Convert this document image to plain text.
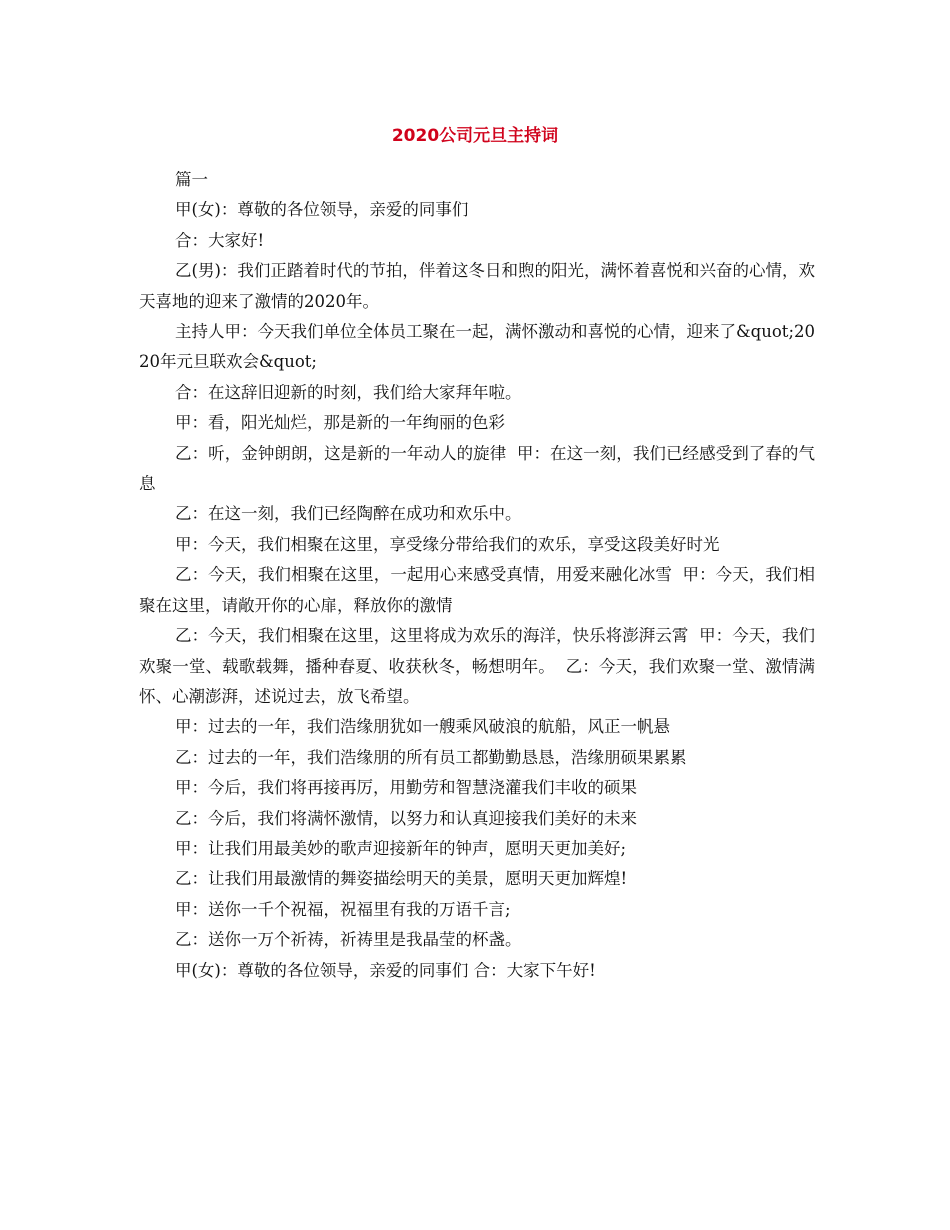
2020公司元旦主持词

篇一

甲(女)：尊敬的各位领导，亲爱的同事们

合：大家好!

乙(男)：我们正踏着时代的节拍，伴着这冬日和煦的阳光，满怀着喜悦和兴奋的心情，欢天喜地的迎来了激情的2020年。

主持人甲：今天我们单位全体员工聚在一起，满怀激动和喜悦的心情，迎来了&quot;2020年元旦联欢会&quot;

合：在这辞旧迎新的时刻，我们给大家拜年啦。

甲：看，阳光灿烂，那是新的一年绚丽的色彩

乙：听，金钟朗朗，这是新的一年动人的旋律  甲：在这一刻，我们已经感受到了春的气息

乙：在这一刻，我们已经陶醉在成功和欢乐中。

甲：今天，我们相聚在这里，享受缘分带给我们的欢乐，享受这段美好时光

乙：今天，我们相聚在这里，一起用心来感受真情，用爱来融化冰雪  甲：今天，我们相聚在这里，请敞开你的心扉，释放你的激情

乙：今天，我们相聚在这里，这里将成为欢乐的海洋，快乐将澎湃云霄  甲：今天，我们欢聚一堂、载歌载舞，播种春夏、收获秋冬，畅想明年。  乙：今天，我们欢聚一堂、激情满怀、心潮澎湃，述说过去，放飞希望。

甲：过去的一年，我们浩缘朋犹如一艘乘风破浪的航船，风正一帆悬

乙：过去的一年，我们浩缘朋的所有员工都勤勤恳恳，浩缘朋硕果累累

甲：今后，我们将再接再厉，用勤劳和智慧浇灌我们丰收的硕果

乙：今后，我们将满怀激情，以努力和认真迎接我们美好的未来

甲：让我们用最美妙的歌声迎接新年的钟声，愿明天更加美好;

乙：让我们用最激情的舞姿描绘明天的美景，愿明天更加辉煌!

甲：送你一千个祝福，祝福里有我的万语千言;

乙：送你一万个祈祷，祈祷里是我晶莹的杯盏。

甲(女)：尊敬的各位领导，亲爱的同事们 合：大家下午好!
